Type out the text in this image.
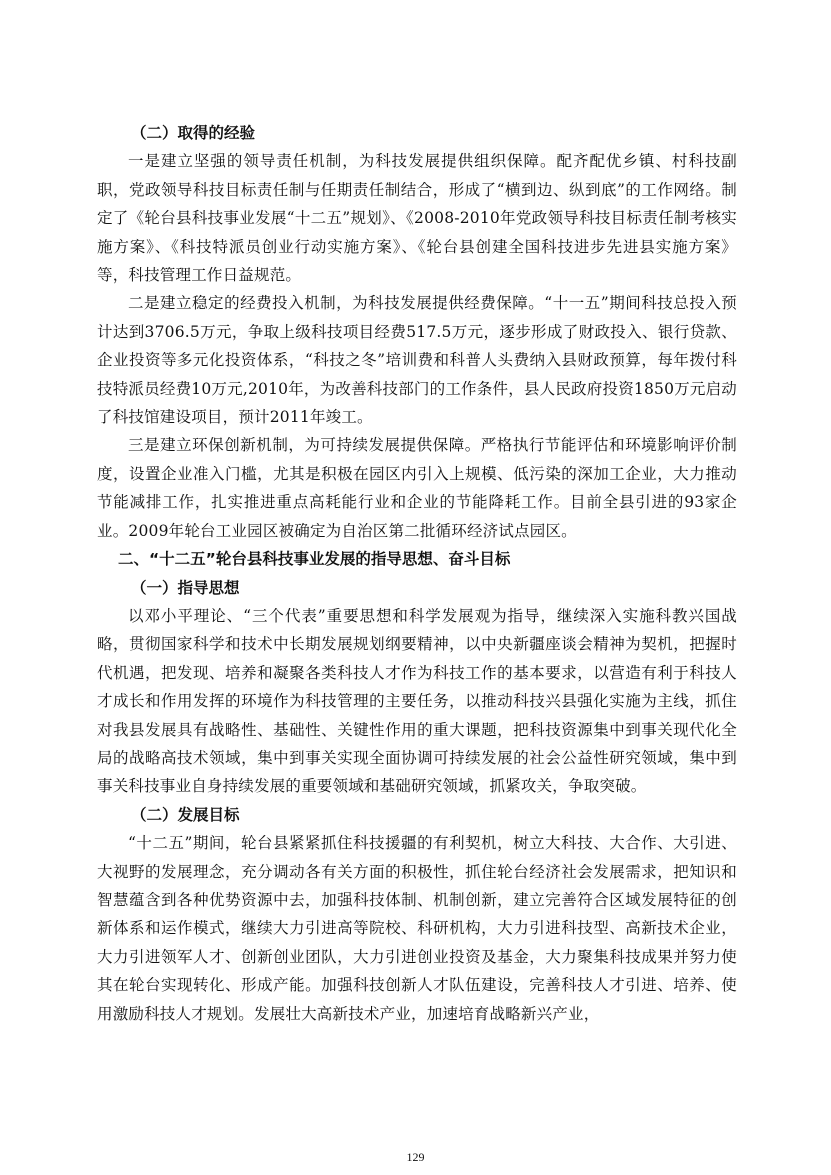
（二）取得的经验

一是建立坚强的领导责任机制，为科技发展提供组织保障。配齐配优乡镇、村科技副职，党政领导科技目标责任制与任期责任制结合，形成了“横到边、纵到底”的工作网络。制定了《轮台县科技事业发展“十二五”规划》、《2008-2010年党政领导科技目标责任制考核实施方案》、《科技特派员创业行动实施方案》、《轮台县创建全国科技进步先进县实施方案》等，科技管理工作日益规范。

二是建立稳定的经费投入机制，为科技发展提供经费保障。“十一五”期间科技总投入预计达到3706.5万元，争取上级科技项目经费517.5万元，逐步形成了财政投入、银行贷款、企业投资等多元化投资体系，“科技之冬”培训费和科普人头费纳入县财政预算，每年拨付科技特派员经费10万元,2010年，为改善科技部门的工作条件，县人民政府投资1850万元启动了科技馆建设项目，预计2011年竣工。

三是建立环保创新机制，为可持续发展提供保障。严格执行节能评估和环境影响评价制度，设置企业准入门槛，尤其是积极在园区内引入上规模、低污染的深加工企业，大力推动节能减排工作，扎实推进重点高耗能行业和企业的节能降耗工作。目前全县引进的93家企业。2009年轮台工业园区被确定为自治区第二批循环经济试点园区。

二、“十二五”轮台县科技事业发展的指导思想、奋斗目标

（一）指导思想

以邓小平理论、“三个代表”重要思想和科学发展观为指导，继续深入实施科教兴国战略，贯彻国家科学和技术中长期发展规划纲要精神，以中央新疆座谈会精神为契机，把握时代机遇，把发现、培养和凝聚各类科技人才作为科技工作的基本要求，以营造有利于科技人才成长和作用发挥的环境作为科技管理的主要任务，以推动科技兴县强化实施为主线，抓住对我县发展具有战略性、基础性、关键性作用的重大课题，把科技资源集中到事关现代化全局的战略高技术领域，集中到事关实现全面协调可持续发展的社会公益性研究领域，集中到事关科技事业自身持续发展的重要领域和基础研究领域，抓紧攻关，争取突破。

（二）发展目标

“十二五”期间，轮台县紧紧抓住科技援疆的有利契机，树立大科技、大合作、大引进、大视野的发展理念，充分调动各有关方面的积极性，抓住轮台经济社会发展需求，把知识和智慧蕴含到各种优势资源中去，加强科技体制、机制创新，建立完善符合区域发展特征的创新体系和运作模式，继续大力引进高等院校、科研机构，大力引进科技型、高新技术企业，大力引进领军人才、创新创业团队，大力引进创业投资及基金，大力聚集科技成果并努力使其在轮台实现转化、形成产能。加强科技创新人才队伍建设，完善科技人才引进、培养、使用激励科技人才规划。发展壮大高新技术产业，加速培育战略新兴产业，

129
